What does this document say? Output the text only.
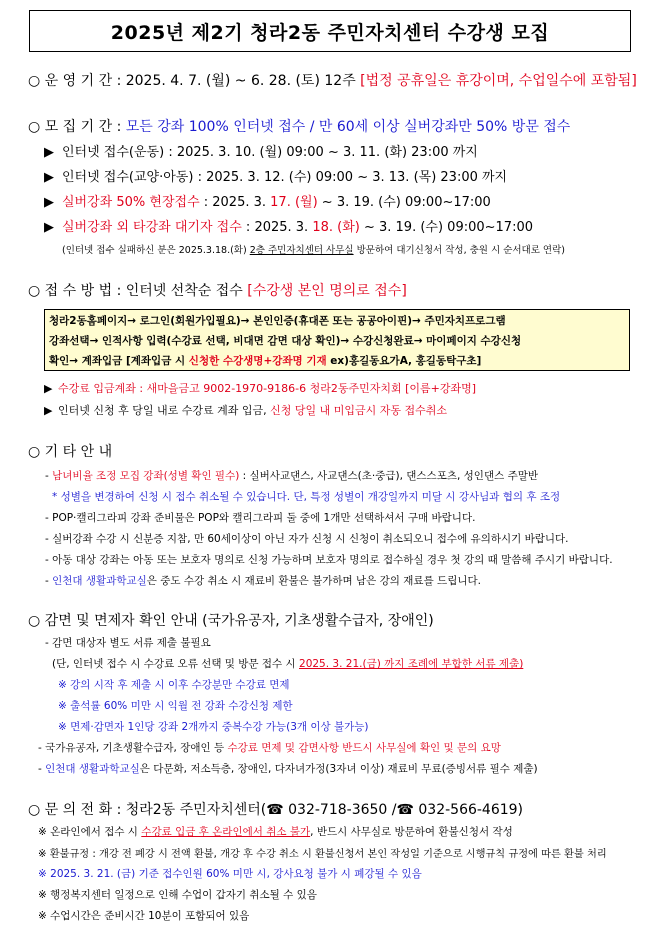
2025년 제2기 청라2동 주민자치센터 수강생 모집
○ 운 영 기 간 : 2025. 4. 7. (월) ~ 6. 28. (토) 12주 [법정 공휴일은 휴강이며, 수업일수에 포함됨]
○ 모 집 기 간 : 모든 강좌 100% 인터넷 접수 / 만 60세 이상 실버강좌만 50% 방문 접수
▶ 인터넷 접수(운동) : 2025. 3. 10. (월) 09:00 ~ 3. 11. (화) 23:00 까지
▶ 인터넷 접수(교양·아동) : 2025. 3. 12. (수) 09:00 ~ 3. 13. (목) 23:00 까지
▶ 실버강좌 50% 현장접수 : 2025. 3. 17. (월) ~ 3. 19. (수) 09:00~17:00
▶ 실버강좌 외 타강좌 대기자 접수 : 2025. 3. 18. (화) ~ 3. 19. (수) 09:00~17:00
(인터넷 접수 실패하신 분은 2025.3.18.(화) 2층 주민자치센터 사무실 방문하여 대기신청서 작성, 충원 시 순서대로 연락)
○ 접 수 방 법 : 인터넷 선착순 접수 [수강생 본인 명의로 접수]
청라2동홈페이지→ 로그인(회원가입필요)→ 본인인증(휴대폰 또는 공공아이핀)→ 주민자치프로그램
강좌선택→ 인적사항 입력(수강료 선택, 비대면 감면 대상 확인)→ 수강신청완료→ 마이페이지 수강신청
확인→ 계좌입금 [계좌입금 시 신청한 수강생명+강좌명 기재 ex)홍길동요가A, 홍길동탁구초]
▶ 수강료 입금계좌 : 새마을금고 9002-1970-9186-6 청라2동주민자치회 [이름+강좌명]
▶ 인터넷 신청 후 당일 내로 수강료 계좌 입금, 신청 당일 내 미입금시 자동 접수취소
○ 기 타 안 내
- 남녀비율 조정 모집 강좌(성별 확인 필수) : 실버사교댄스, 사교댄스(초·중급), 댄스스포츠, 성인댄스 주말반
* 성별을 변경하여 신청 시 접수 취소될 수 있습니다. 단, 특정 성별이 개강일까지 미달 시 강사님과 협의 후 조정
- POP·캘리그라피 강좌 준비물은 POP와 캘리그라피 둘 중에 1개만 선택하셔서 구매 바랍니다.
- 실버강좌 수강 시 신분증 지참, 만 60세이상이 아닌 자가 신청 시 신청이 취소되오니 접수에 유의하시기 바랍니다.
- 아동 대상 강좌는 아동 또는 보호자 명의로 신청 가능하며 보호자 명의로 접수하실 경우 첫 강의 때 말씀해 주시기 바랍니다.
- 인천대 생활과학교실은 중도 수강 취소 시 재료비 환불은 불가하며 남은 강의 재료를 드립니다.
○ 감면 및 면제자 확인 안내 (국가유공자, 기초생활수급자, 장애인)
- 감면 대상자 별도 서류 제출 불필요
(단, 인터넷 접수 시 수강료 오류 선택 및 방문 접수 시 2025. 3. 21.(금) 까지 조례에 부합한 서류 제출)
※ 강의 시작 후 제출 시 이후 수강분만 수강료 면제
※ 출석률 60% 미만 시 익월 전 강좌 수강신청 제한
※ 면제·감면자 1인당 강좌 2개까지 중복수강 가능(3개 이상 불가능)
- 국가유공자, 기초생활수급자, 장애인 등 수강료 면제 및 감면사항 반드시 사무실에 확인 및 문의 요망
- 인천대 생활과학교실은 다문화, 저소득층, 장애인, 다자녀가정(3자녀 이상) 재료비 무료(증빙서류 필수 제출)
○ 문 의 전 화 : 청라2동 주민자치센터(☎ 032-718-3650 /☎ 032-566-4619)
※ 온라인에서 접수 시 수강료 입금 후 온라인에서 취소 불가, 반드시 사무실로 방문하여 환불신청서 작성
※ 환불규정 : 개강 전 폐강 시 전액 환불, 개강 후 수강 취소 시 환불신청서 본인 작성일 기준으로 시행규칙 규정에 따른 환불 처리
※ 2025. 3. 21. (금) 기준 접수인원 60% 미만 시, 강사요청 불가 시 폐강될 수 있음
※ 행정복지센터 일정으로 인해 수업이 갑자기 취소될 수 있음
※ 수업시간은 준비시간 10분이 포함되어 있음
